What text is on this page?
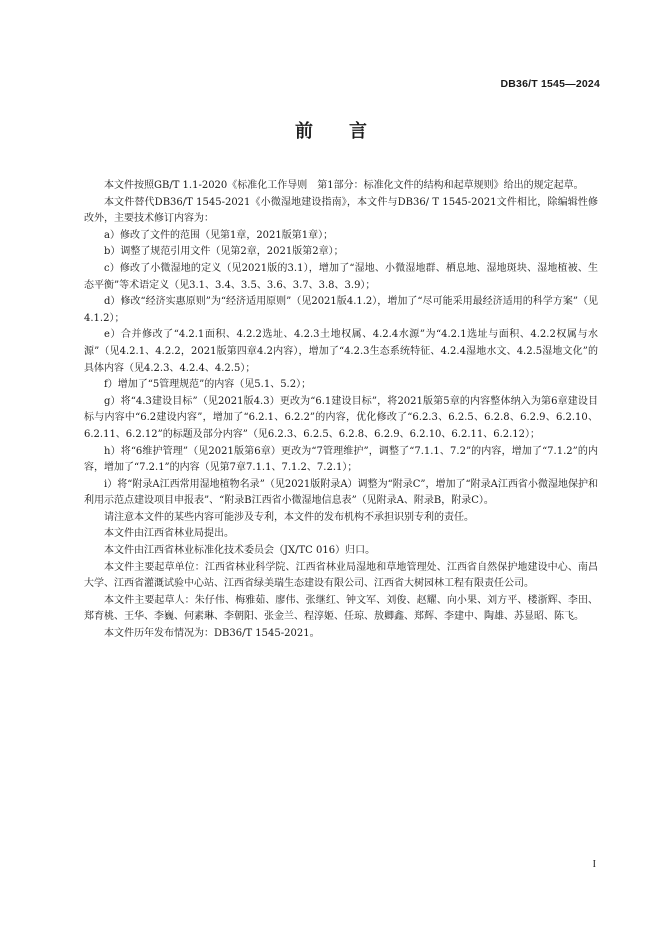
DB36/T 1545—2024
前 言

本文件按照GB/T 1.1-2020《标准化工作导则　第1部分：标准化文件的结构和起草规则》给出的规定起草。

本文件替代DB36/T 1545-2021《小微湿地建设指南》，本文件与DB36/ T 1545-2021文件相比，除编辑性修改外，主要技术修订内容为：

a）修改了文件的范围（见第1章，2021版第1章）；

b）调整了规范引用文件（见第2章，2021版第2章）；

c）修改了小微湿地的定义（见2021版的3.1），增加了“湿地、小微湿地群、栖息地、湿地斑块、湿地植被、生态平衡”等术语定义（见3.1、3.4、3.5、3.6、3.7、3.8、3.9）；

d）修改“经济实惠原则”为“经济适用原则”（见2021版4.1.2），增加了“尽可能采用最经济适用的科学方案”（见4.1.2）；

e）合并修改了“4.2.1面积、4.2.2选址、4.2.3土地权属、4.2.4水源”为“4.2.1选址与面积、4.2.2权属与水源”（见4.2.1、4.2.2，2021版第四章4.2内容），增加了“4.2.3生态系统特征、4.2.4湿地水文、4.2.5湿地文化”的具体内容（见4.2.3、4.2.4、4.2.5）；

f）增加了“5管理规范”的内容（见5.1、5.2）；

g）将“4.3建设目标”（见2021版4.3）更改为“6.1建设目标”，将2021版第5章的内容整体纳入为第6章建设目标与内容中“6.2建设内容”，增加了“6.2.1、6.2.2”的内容，优化修改了“6.2.3、6.2.5、6.2.8、6.2.9、6.2.10、6.2.11、6.2.12”的标题及部分内容”（见6.2.3、6.2.5、6.2.8、6.2.9、6.2.10、6.2.11、6.2.12）；

h）将“6维护管理”（见2021版第6章）更改为“7管理维护”，调整了“7.1.1、7.2”的内容，增加了“7.1.2”的内容，增加了“7.2.1”的内容（见第7章7.1.1、7.1.2、7.2.1）；

i）将“附录A江西常用湿地植物名录”（见2021版附录A）调整为“附录C”，增加了“附录A江西省小微湿地保护和利用示范点建设项目申报表”、“附录B江西省小微湿地信息表”（见附录A、附录B，附录C）。

请注意本文件的某些内容可能涉及专利，本文件的发布机构不承担识别专利的责任。

本文件由江西省林业局提出。

本文件由江西省林业标准化技术委员会（JX/TC 016）归口。

本文件主要起草单位：江西省林业科学院、江西省林业局湿地和草地管理处、江西省自然保护地建设中心、南昌大学、江西省灌溉试验中心站、江西省绿美瑞生态建设有限公司、江西省大树园林工程有限责任公司。

本文件主要起草人：朱仔伟、梅雅茹、廖伟、张继红、钟文军、刘俊、赵耀、向小果、刘方平、楼浙辉、李田、郑育桃、王华、李巍、何素琳、李朝阳、张金兰、程淳姬、任琼、敖卿鑫、郑辉、李建中、陶雄、苏显昭、陈飞。

本文件历年发布情况为：DB36/T 1545-2021。

I
